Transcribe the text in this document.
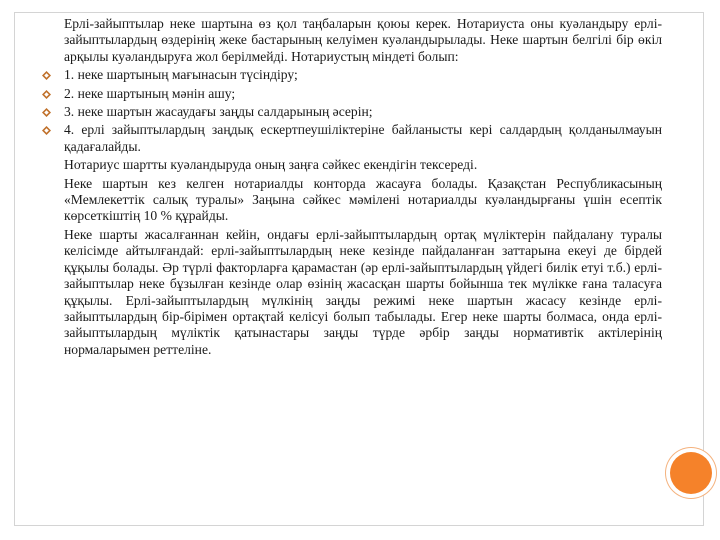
Ерлі-зайыптылар неке шартына өз қол таңбаларын қоюы керек. Нотариуста оны куәландыру ерлі-зайыптылардың өздерінің жеке бастарының келуімен куәландырылады. Неке шартын белгілі бір өкіл арқылы куәландыруға жол берілмейді. Нотариустың міндеті болып:

1. неке шартының мағынасын түсіндіру;

2. неке шартының мәнін ашу;

3. неке шартын жасаудағы заңды салдарының әсерін;

4. ерлі зайыптылардың заңдық ескертпеушіліктеріне байланысты кері салдардың қолданылмауын қадағалайды.

Нотариус шартты куәландыруда оның заңға сәйкес екендігін тексереді.

Неке шартын кез келген нотариалды конторда жасауға болады. Қазақстан Республикасының «Мемлекеттік салық туралы» Заңына сәйкес мәмілені нотариалды куәландырғаны үшін есептік көрсеткіштің 10 % құрайды.

Неке шарты жасалғаннан кейін, ондағы ерлі-зайыптылардың ортақ мүліктерін пайдалану туралы келісімде айтылғандай: ерлі-зайыптылардың неке кезінде пайдаланған заттарына екеуі де бірдей құқылы болады. Әр түрлі факторларға қарамастан (әр ерлі-зайыптылардың үйдегі билік етуі т.б.) ерлі-зайыптылар неке бұзылған кезінде олар өзінің жасасқан шарты бойынша тек мүлікке ғана таласуға құқылы. Ерлі-зайыптылардың мүлкінің заңды режимі неке шартын жасасу кезінде ерлі-зайыптылардың бір-бірімен ортақтай келісуі болып табылады. Егер неке шарты болмаса, онда ерлі-зайыптылардың мүліктік қатынастары заңды түрде әрбір заңды нормативтік актілерінің нормаларымен реттеліне.
